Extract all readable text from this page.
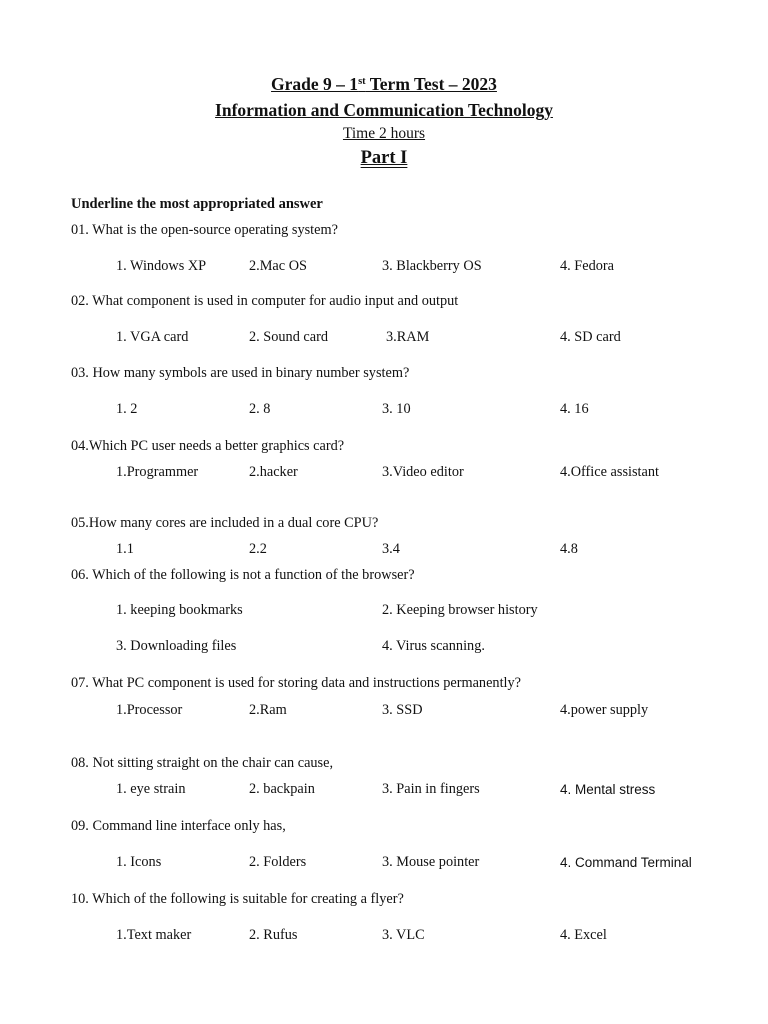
Grade 9 – 1st Term Test – 2023
Information and Communication Technology
Time 2 hours
Part I
Underline the most appropriated answer
01. What is the open-source operating system?
1. Windows XP	2.Mac OS	3. Blackberry OS	4. Fedora
02. What component is used in computer for audio input and output
1. VGA card	2. Sound card	3.RAM	4. SD card
03. How many symbols are used in binary number system?
1. 2	2. 8	3. 10	4. 16
04.Which PC user needs a better graphics card?
1.Programmer	2.hacker	3.Video editor	4.Office assistant
05.How many cores are included in a dual core CPU?
1.1	2.2	3.4	4.8
06. Which of the following is not a function of the browser?
1. keeping bookmarks	2. Keeping browser history
3. Downloading files	4. Virus scanning.
07. What PC component is used for storing data and instructions permanently?
1.Processor	2.Ram	3. SSD	4.power supply
08. Not sitting straight on the chair can cause,
1. eye strain	2. backpain	3. Pain in fingers	4. Mental stress
09. Command line interface only has,
1. Icons	2. Folders	3. Mouse pointer	4. Command Terminal
10. Which of the following is suitable for creating a flyer?
1.Text maker	2. Rufus	3. VLC	4. Excel
